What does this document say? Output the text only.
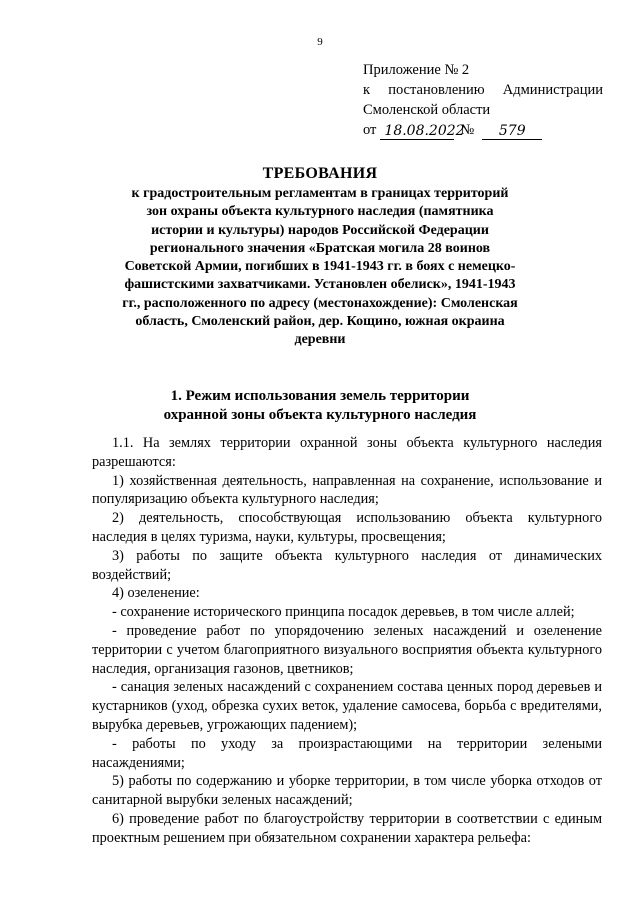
9
Приложение № 2
к постановлению Администрации
Смоленской области
от 18.08.2022
№	579
ТРЕБОВАНИЯ
к градостроительным регламентам в границах территорий зон охраны объекта культурного наследия (памятника истории и культуры) народов Российской Федерации регионального значения «Братская могила 28 воинов Советской Армии, погибших в 1941-1943 гг. в боях с немецко-фашистскими захватчиками. Установлен обелиск», 1941-1943 гг., расположенного по адресу (местонахождение): Смоленская область, Смоленский район, дер. Кощино, южная окраина деревни
1. Режим использования земель территории
охранной зоны объекта культурного наследия

1.1. На землях территории охранной зоны объекта культурного наследия разрешаются:

1) хозяйственная деятельность, направленная на сохранение, использование и популяризацию объекта культурного наследия;

2) деятельность, способствующая использованию объекта культурного наследия в целях туризма, науки, культуры, просвещения;

3) работы по защите объекта культурного наследия от динамических воздействий;

4) озеленение:

- сохранение исторического принципа посадок деревьев, в том числе аллей;

- проведение работ по упорядочению зеленых насаждений и озеленение территории с учетом благоприятного визуального восприятия объекта культурного наследия, организация газонов, цветников;

- санация зеленых насаждений с сохранением состава ценных пород деревьев и кустарников (уход, обрезка сухих веток, удаление самосева, борьба с вредителями, вырубка деревьев, угрожающих падением);

- работы по уходу за произрастающими на территории зелеными насаждениями;

5) работы по содержанию и уборке территории, в том числе уборка отходов от санитарной вырубки зеленых насаждений;

6) проведение работ по благоустройству территории в соответствии с единым проектным решением при обязательном сохранении характера рельефа:
